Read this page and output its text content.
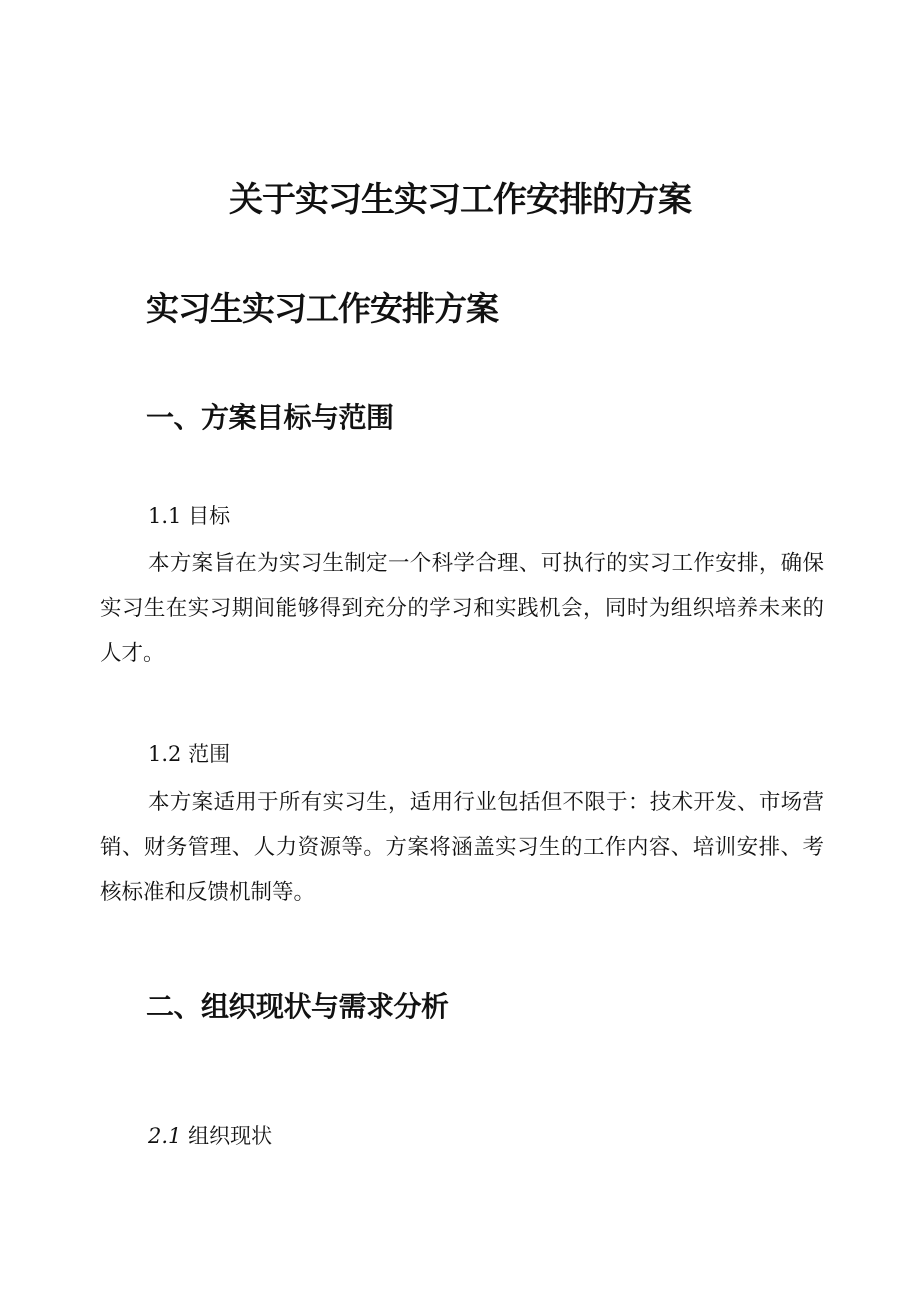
关于实习生实习工作安排的方案
实习生实习工作安排方案
一、方案目标与范围
1.1 目标
本方案旨在为实习生制定一个科学合理、可执行的实习工作安排，确保实习生在实习期间能够得到充分的学习和实践机会，同时为组织培养未来的人才。
1.2 范围
本方案适用于所有实习生，适用行业包括但不限于：技术开发、市场营销、财务管理、人力资源等。方案将涵盖实习生的工作内容、培训安排、考核标准和反馈机制等。
二、组织现状与需求分析
2.1 组织现状
